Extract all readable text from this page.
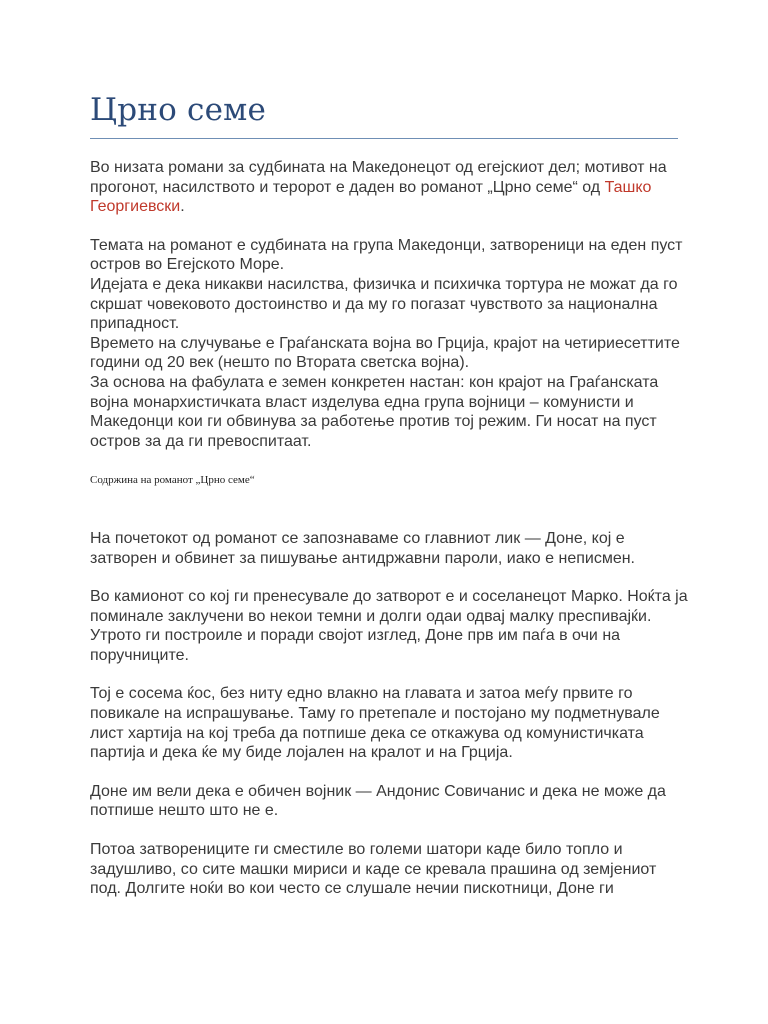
Црно семе

Во низата романи за судбината на Македонецот од егејскиот дел; мотивот на прогонот, насилството и теророт е даден во романот „Црно семе“ од Ташко Георгиевски.

Темата на романот е судбината на група Македонци, затвореници на еден пуст остров во Егејското Море.

Идејата е дека никакви насилства, физичка и психичка тортура не можат да го скршат човековото достоинство и да му го погазат чувството за национална припадност.

Времето на случување е Граѓанската војна во Грција, крајот на четириесеттите години од 20 век (нешто по Втората светска војна).

За основа на фабулата е земен конкретен настан: кон крајот на Граѓанската војна монархистичката власт изделува една група војници – комунисти и Македонци кои ги обвинува за работење против тој режим. Ги носат на пуст остров за да ги превоспитаат.

Содржина на романот „Црно семе“

На почетокот од романот се запознаваме со главниот лик — Доне, кој е затворен и обвинет за пишување антидржавни пароли, иако е неписмен.

Во камионот со кој ги пренесувале до затворот е и соселанецот Марко. Ноќта ја поминале заклучени во некои темни и долги одаи одвај малку преспивајќи. Утрото ги построиле и поради својот изглед, Доне прв им паѓа в очи на поручниците.

Тој е сосема ќос, без ниту едно влакно на главата и затоа меѓу првите го повикале на испрашување. Таму го претепале и постојано му подметнувале лист хартија на кој треба да потпише дека се откажува од комунистичката партија и дека ќе му биде лојален на кралот и на Грција.

Доне им вели дека е обичен војник — Андонис Совичанис и дека не може да потпише нешто што не е.

Потоа затворениците ги сместиле во големи шатори каде било топло и задушливо, со сите машки мириси и каде се кревала прашина од земјениот под. Долгите ноќи во кои често се слушале нечии пискотници, Доне ги
